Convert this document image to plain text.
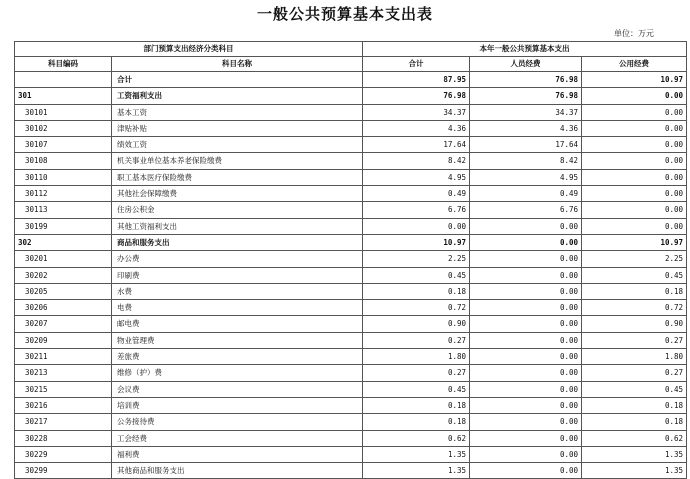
一般公共预算基本支出表
单位：万元
部门预算支出经济分类科目		本年一般公共预算基本支出		
科目编码	科目名称	合计	人员经费	公用经费
	合计	87.95	76.98	10.97
301	工资福利支出	76.98	76.98	0.00
30101	基本工资	34.37	34.37	0.00
30102	津贴补贴	4.36	4.36	0.00
30107	绩效工资	17.64	17.64	0.00
30108	机关事业单位基本养老保险缴费	8.42	8.42	0.00
30110	职工基本医疗保险缴费	4.95	4.95	0.00
30112	其他社会保障缴费	0.49	0.49	0.00
30113	住房公积金	6.76	6.76	0.00
30199	其他工资福利支出	0.00	0.00	0.00
302	商品和服务支出	10.97	0.00	10.97
30201	办公费	2.25	0.00	2.25
30202	印刷费	0.45	0.00	0.45
30205	水费	0.18	0.00	0.18
30206	电费	0.72	0.00	0.72
30207	邮电费	0.90	0.00	0.90
30209	物业管理费	0.27	0.00	0.27
30211	差旅费	1.80	0.00	1.80
30213	维修（护）费	0.27	0.00	0.27
30215	会议费	0.45	0.00	0.45
30216	培训费	0.18	0.00	0.18
30217	公务接待费	0.18	0.00	0.18
30228	工会经费	0.62	0.00	0.62
30229	福利费	1.35	0.00	1.35
30299	其他商品和服务支出	1.35	0.00	1.35
